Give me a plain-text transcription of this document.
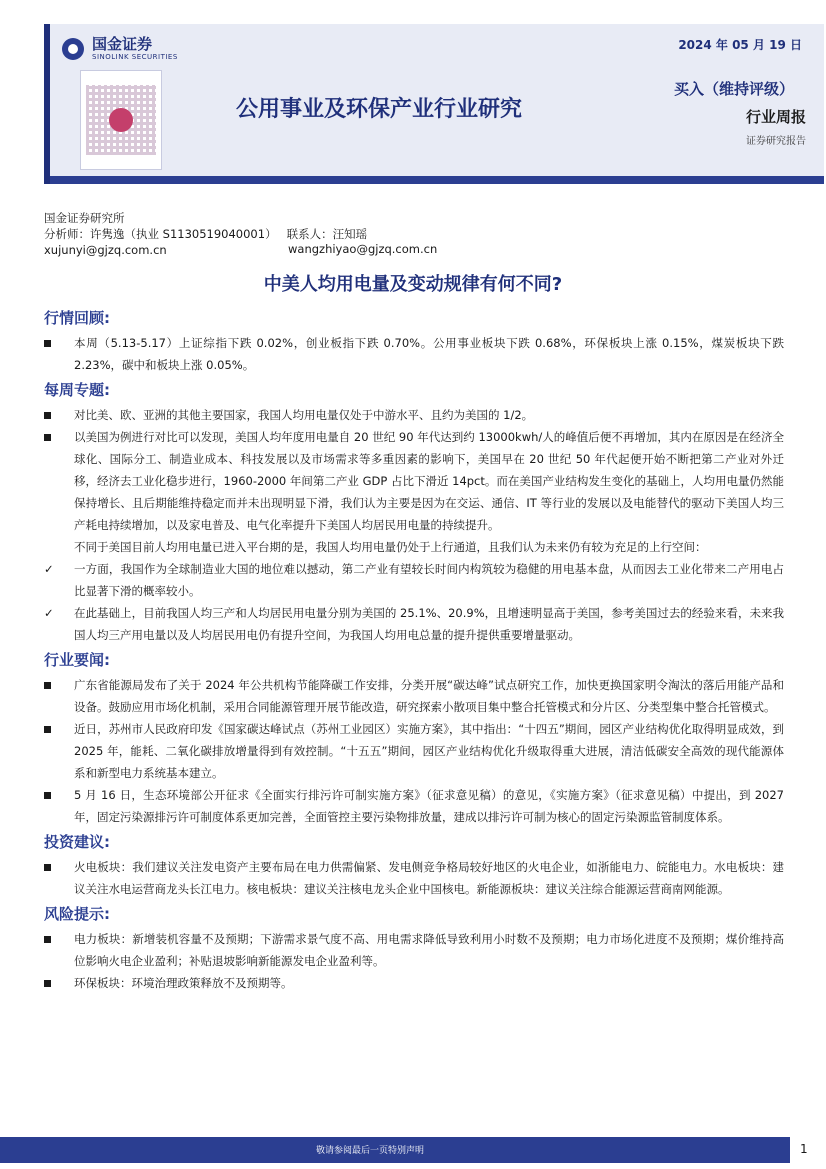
国金证券
SINOLINK SECURITIES
2024 年 05 月 19 日
公用事业及环保产业行业研究
买入（维持评级）
行业周报
证券研究报告
国金证券研究所
分析师：许隽逸（执业 S1130519040001） 联系人：汪知瑶
xujunyi@gjzq.com.cn	wangzhiyao@gjzq.com.cn
中美人均用电量及变动规律有何不同?
行情回顾:
本周（5.13-5.17）上证综指下跌 0.02%，创业板指下跌 0.70%。公用事业板块下跌 0.68%，环保板块上涨 0.15%，煤炭板块下跌 2.23%，碳中和板块上涨 0.05%。
每周专题:
对比美、欧、亚洲的其他主要国家，我国人均用电量仅处于中游水平、且约为美国的 1/2。
以美国为例进行对比可以发现，美国人均年度用电量自 20 世纪 90 年代达到约 13000kwh/人的峰值后便不再增加，其内在原因是在经济全球化、国际分工、制造业成本、科技发展以及市场需求等多重因素的影响下，美国早在 20 世纪 50 年代起便开始不断把第二产业对外迁移，经济去工业化稳步进行，1960-2000 年间第二产业 GDP 占比下滑近 14pct。而在美国产业结构发生变化的基础上，人均用电量仍然能保持增长、且后期能维持稳定而并未出现明显下滑，我们认为主要是因为在交运、通信、IT 等行业的发展以及电能替代的驱动下美国人均三产耗电持续增加，以及家电普及、电气化率提升下美国人均居民用电量的持续提升。
不同于美国目前人均用电量已进入平台期的是，我国人均用电量仍处于上行通道，且我们认为未来仍有较为充足的上行空间：
✓	一方面，我国作为全球制造业大国的地位难以撼动，第二产业有望较长时间内构筑较为稳健的用电基本盘，从而因去工业化带来二产用电占比显著下滑的概率较小。
✓	在此基础上，目前我国人均三产和人均居民用电量分别为美国的 25.1%、20.9%，且增速明显高于美国，参考美国过去的经验来看，未来我国人均三产用电量以及人均居民用电仍有提升空间，为我国人均用电总量的提升提供重要增量驱动。
行业要闻:
广东省能源局发布了关于 2024 年公共机构节能降碳工作安排，分类开展“碳达峰”试点研究工作，加快更换国家明令淘汰的落后用能产品和设备。鼓励应用市场化机制，采用合同能源管理开展节能改造，研究探索小散项目集中整合托管模式和分片区、分类型集中整合托管模式。
近日，苏州市人民政府印发《国家碳达峰试点（苏州工业园区）实施方案》，其中指出：“十四五”期间，园区产业结构优化取得明显成效，到 2025 年，能耗、二氧化碳排放增量得到有效控制。“十五五”期间，园区产业结构优化升级取得重大进展，清洁低碳安全高效的现代能源体系和新型电力系统基本建立。
5 月 16 日，生态环境部公开征求《全面实行排污许可制实施方案》（征求意见稿）的意见，《实施方案》（征求意见稿）中提出，到 2027 年，固定污染源排污许可制度体系更加完善，全面管控主要污染物排放量，建成以排污许可制为核心的固定污染源监管制度体系。
投资建议:
火电板块：我们建议关注发电资产主要布局在电力供需偏紧、发电侧竞争格局较好地区的火电企业，如浙能电力、皖能电力。水电板块：建议关注水电运营商龙头长江电力。核电板块：建议关注核电龙头企业中国核电。新能源板块：建议关注综合能源运营商南网能源。
风险提示:
电力板块：新增装机容量不及预期；下游需求景气度不高、用电需求降低导致利用小时数不及预期；电力市场化进度不及预期；煤价维持高位影响火电企业盈利；补贴退坡影响新能源发电企业盈利等。
环保板块：环境治理政策释放不及预期等。
敬请参阅最后一页特别声明	1
